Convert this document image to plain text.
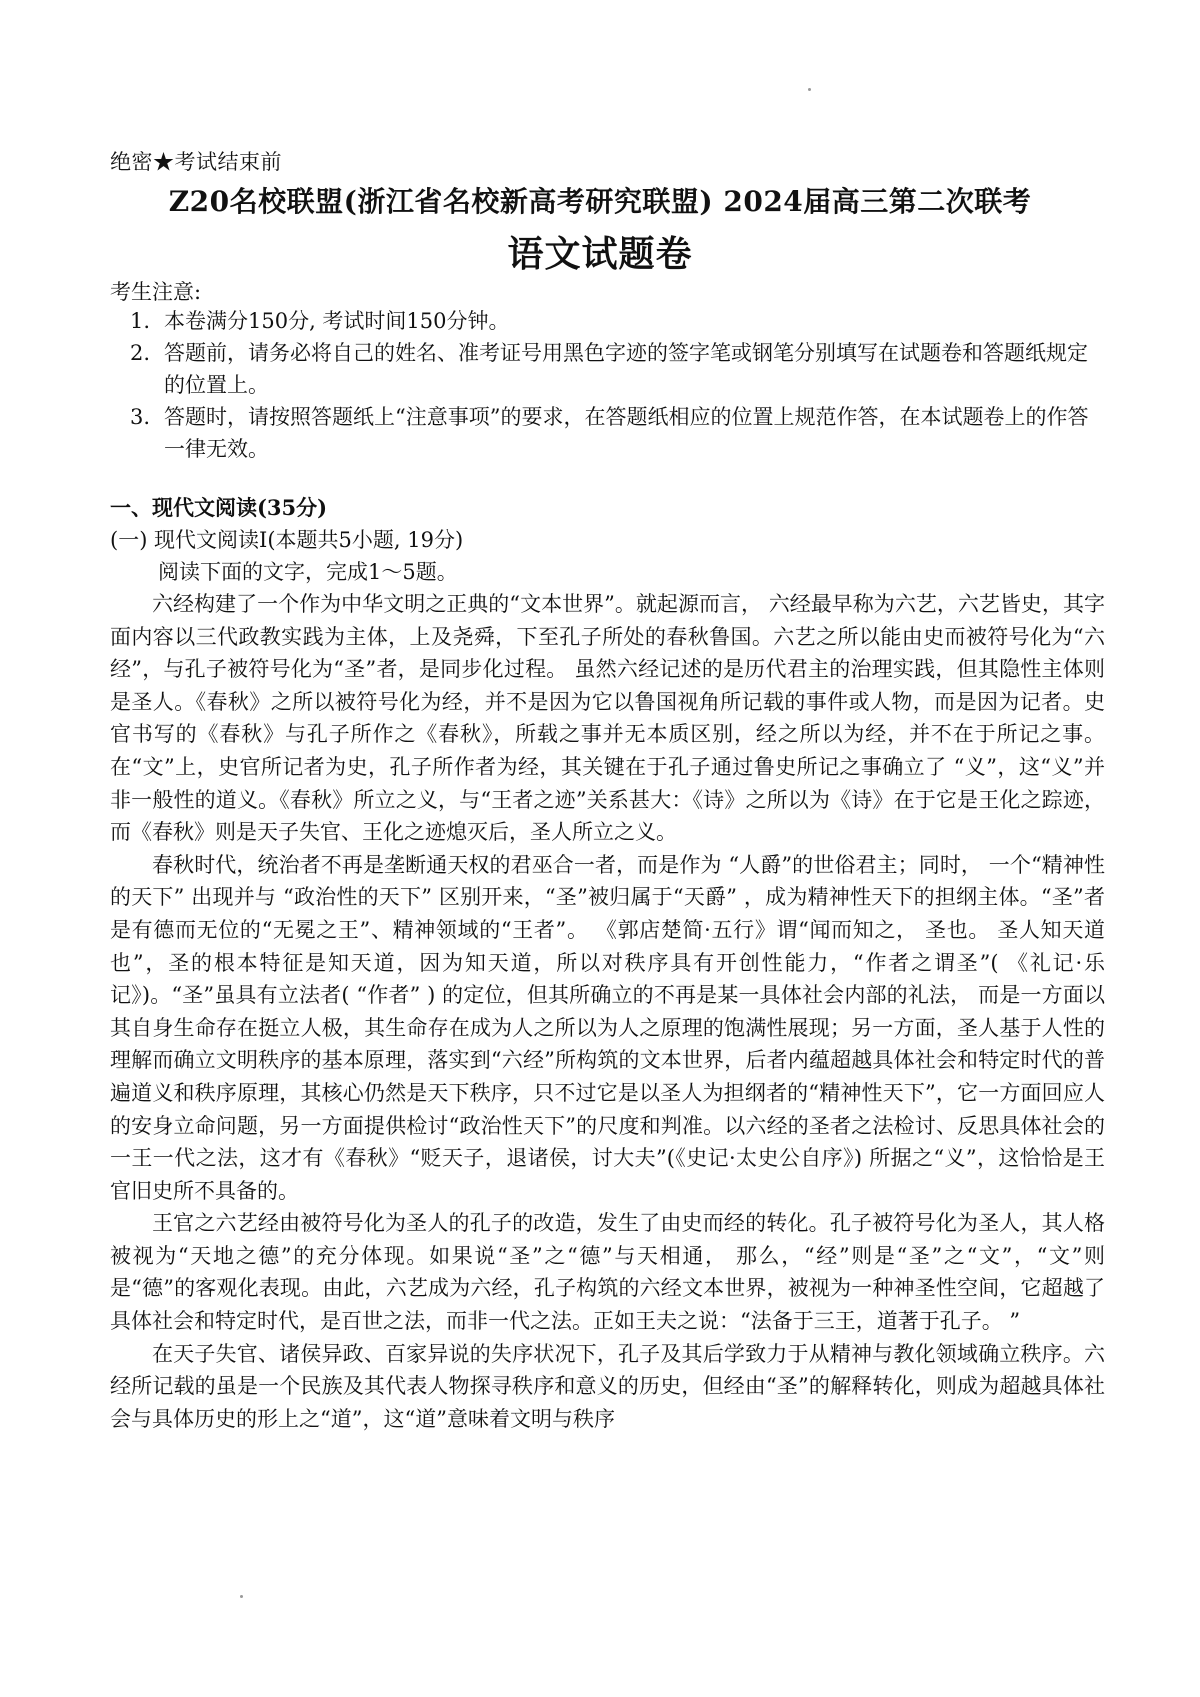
绝密★考试结束前
Z20名校联盟(浙江省名校新高考研究联盟) 2024届高三第二次联考
语文试题卷
考生注意:
1. 本卷满分150分, 考试时间150分钟。
2. 答题前，请务必将自己的姓名、准考证号用黑色字迹的签字笔或钢笔分别填写在试题卷和答题纸规定的位置上。
3. 答题时，请按照答题纸上“注意事项”的要求，在答题纸相应的位置上规范作答，在本试题卷上的作答一律无效。
一、现代文阅读(35分)
(一) 现代文阅读Ⅰ(本题共5小题, 19分)
阅读下面的文字，完成1～5题。

六经构建了一个作为中华文明之正典的“文本世界”。就起源而言， 六经最早称为六艺，六艺皆史，其字面内容以三代政教实践为主体，上及尧舜，下至孔子所处的春秋鲁国。六艺之所以能由史而被符号化为“六经”，与孔子被符号化为“圣”者，是同步化过程。 虽然六经记述的是历代君主的治理实践，但其隐性主体则是圣人。《春秋》之所以被符号化为经，并不是因为它以鲁国视角所记载的事件或人物，而是因为记者。史官书写的《春秋》与孔子所作之《春秋》，所载之事并无本质区别，经之所以为经，并不在于所记之事。在“文”上，史官所记者为史，孔子所作者为经，其关键在于孔子通过鲁史所记之事确立了 “义”，这“义”并非一般性的道义。《春秋》所立之义，与“王者之迹”关系甚大：《诗》之所以为《诗》在于它是王化之踪迹，而《春秋》则是天子失官、王化之迹熄灭后，圣人所立之义。

春秋时代，统治者不再是垄断通天权的君巫合一者，而是作为 “人爵”的世俗君主；同时， 一个“精神性的天下” 出现并与 “政治性的天下” 区别开来，“圣”被归属于“天爵” ，成为精神性天下的担纲主体。“圣”者是有德而无位的“无冕之王”、精神领域的“王者”。 《郭店楚简·五行》谓“闻而知之， 圣也。 圣人知天道也”，圣的根本特征是知天道，因为知天道，所以对秩序具有开创性能力，“作者之谓圣”( 《礼记·乐记》)。“圣”虽具有立法者( “作者” ) 的定位，但其所确立的不再是某一具体社会内部的礼法， 而是一方面以其自身生命存在挺立人极，其生命存在成为人之所以为人之原理的饱满性展现；另一方面，圣人基于人性的理解而确立文明秩序的基本原理，落实到“六经”所构筑的文本世界，后者内蕴超越具体社会和特定时代的普遍道义和秩序原理，其核心仍然是天下秩序，只不过它是以圣人为担纲者的“精神性天下”，它一方面回应人的安身立命问题，另一方面提供检讨“政治性天下”的尺度和判准。以六经的圣者之法检讨、反思具体社会的一王一代之法，这才有《春秋》“贬天子，退诸侯，讨大夫”(《史记·太史公自序》) 所据之“义”，这恰恰是王官旧史所不具备的。

王官之六艺经由被符号化为圣人的孔子的改造，发生了由史而经的转化。孔子被符号化为圣人，其人格被视为“天地之德”的充分体现。如果说“圣”之“德”与天相通， 那么，“经”则是“圣”之“文”，“文”则是“德”的客观化表现。由此，六艺成为六经，孔子构筑的六经文本世界，被视为一种神圣性空间，它超越了具体社会和特定时代，是百世之法，而非一代之法。正如王夫之说：“法备于三王，道著于孔子。 ”

在天子失官、诸侯异政、百家异说的失序状况下，孔子及其后学致力于从精神与教化领域确立秩序。六经所记载的虽是一个民族及其代表人物探寻秩序和意义的历史，但经由“圣”的解释转化，则成为超越具体社会与具体历史的形上之“道”，这“道”意味着文明与秩序
